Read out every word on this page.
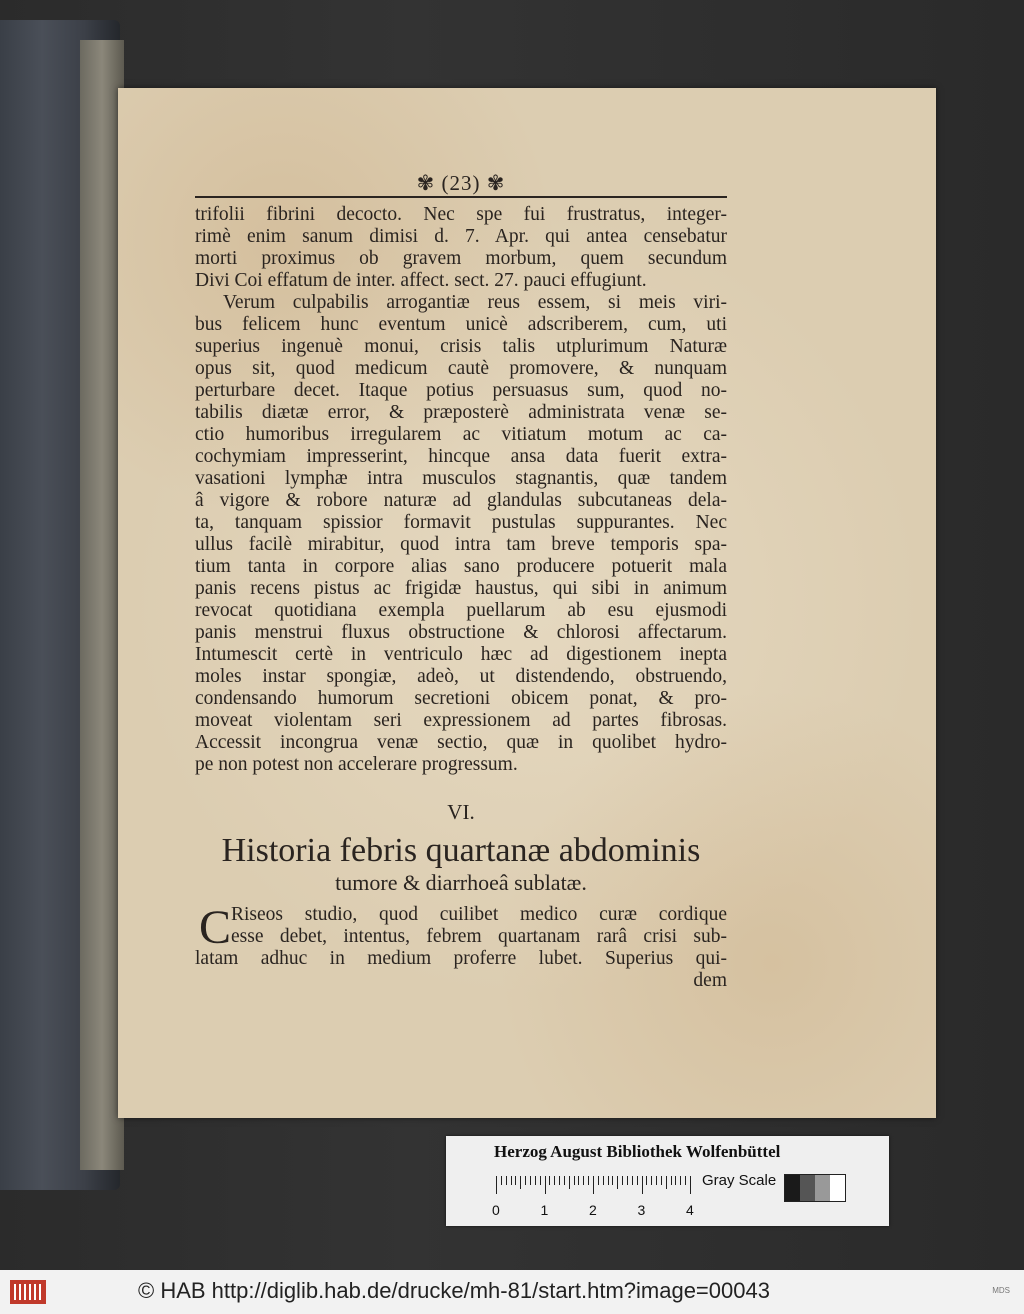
✾ (23) ✾
trifolii fibrini decocto. Nec spe fui frustratus, integer-
rimè enim sanum dimisi d. 7. Apr. qui antea censebatur
morti proximus ob gravem morbum, quem secundum
Divi Coi effatum de inter. affect. sect. 27. pauci effugiunt.
Verum culpabilis arrogantiæ reus essem, si meis viri-
bus felicem hunc eventum unicè adscriberem, cum, uti
superius ingenuè monui, crisis talis utplurimum Naturæ
opus sit, quod medicum cautè promovere, & nunquam
perturbare decet. Itaque potius persuasus sum, quod no-
tabilis diætæ error, & præposterè administrata venæ se-
ctio humoribus irregularem ac vitiatum motum ac ca-
cochymiam impresserint, hincque ansa data fuerit extra-
vasationi lymphæ intra musculos stagnantis, quæ tandem
â vigore & robore naturæ ad glandulas subcutaneas dela-
ta, tanquam spissior formavit pustulas suppurantes. Nec
ullus facilè mirabitur, quod intra tam breve temporis spa-
tium tanta in corpore alias sano producere potuerit mala
panis recens pistus ac frigidæ haustus, qui sibi in animum
revocat quotidiana exempla puellarum ab esu ejusmodi
panis menstrui fluxus obstructione & chlorosi affectarum.
Intumescit certè in ventriculo hæc ad digestionem inepta
moles instar spongiæ, adeò, ut distendendo, obstruendo,
condensando humorum secretioni obicem ponat, & pro-
moveat violentam seri expressionem ad partes fibrosas.
Accessit incongrua venæ sectio, quæ in quolibet hydro-
pe non potest non accelerare progressum.
VI.
Historia febris quartanæ abdominis
tumore & diarrhoeâ sublatæ.
C Riseos studio, quod cuilibet medico curæ cordique
esse debet, intentus, febrem quartanam rarâ crisi sub-
latam adhuc in medium proferre lubet. Superius qui-
dem
Herzog August Bibliothek Wolfenbüttel
0	1	2	3	4
Gray Scale
© HAB http://diglib.hab.de/drucke/mh-81/start.htm?image=00043	MDS
